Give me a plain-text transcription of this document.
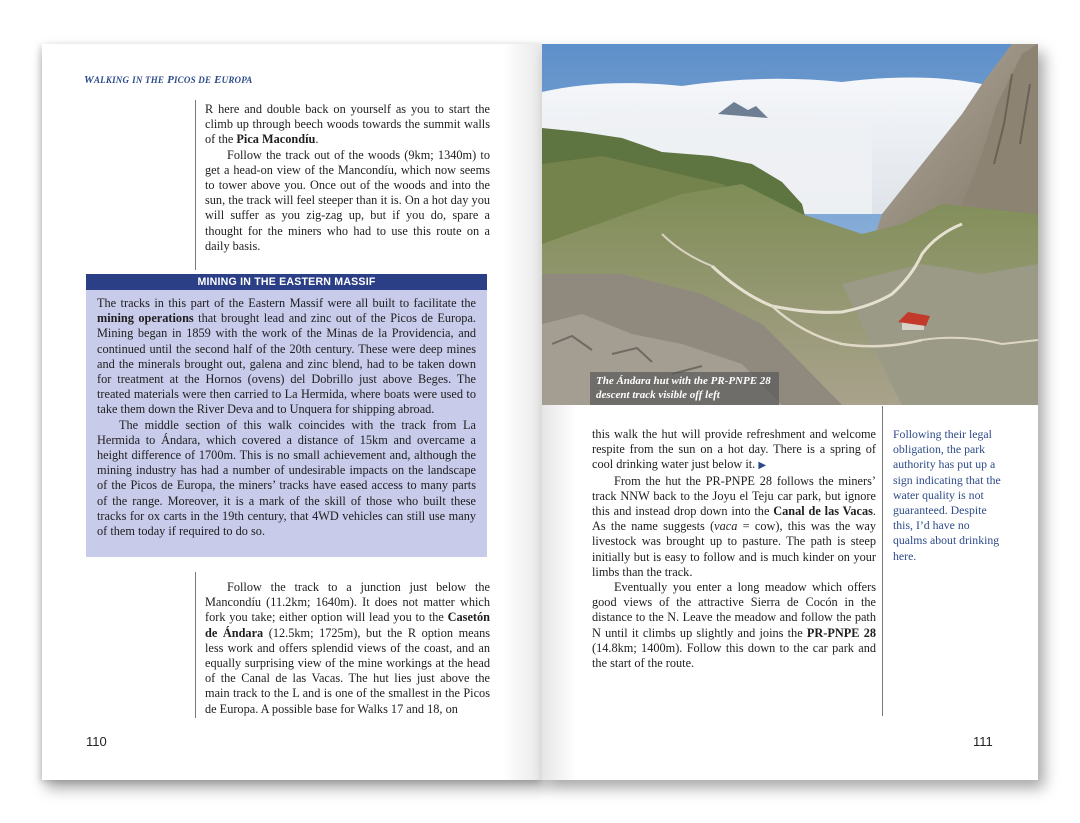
WALKING IN THE PICOS DE EUROPA

R here and double back on yourself as you to start the climb up through beech woods towards the summit walls of the Pica Macondíu.

Follow the track out of the woods (9km; 1340m) to get a head-on view of the Mancondíu, which now seems to tower above you. Once out of the woods and into the sun, the track will feel steeper than it is. On a hot day you will suffer as you zig-zag up, but if you do, spare a thought for the miners who had to use this route on a daily basis.

MINING IN THE EASTERN MASSIF

The tracks in this part of the Eastern Massif were all built to facilitate the mining operations that brought lead and zinc out of the Picos de Europa. Mining began in 1859 with the work of the Minas de la Providencia, and continued until the second half of the 20th century. These were deep mines and the minerals brought out, galena and zinc blend, had to be taken down for treatment at the Hornos (ovens) del Dobrillo just above Beges. The treated materials were then carried to La Hermida, where boats were used to take them down the River Deva and to Unquera for shipping abroad.

The middle section of this walk coincides with the track from La Hermida to Ándara, which covered a distance of 15km and overcame a height difference of 1700m. This is no small achievement and, although the mining industry has had a number of undesirable impacts on the landscape of the Picos de Europa, the miners’ tracks have eased access to many parts of the range. Moreover, it is a mark of the skill of those who built these tracks for ox carts in the 19th century, that 4WD vehicles can still use many of them today if required to do so.

Follow the track to a junction just below the Mancondíu (11.2km; 1640m). It does not matter which fork you take; either option will lead you to the Casetón de Ándara (12.5km; 1725m), but the R option means less work and offers splendid views of the coast, and an equally surprising view of the mine workings at the head of the Canal de las Vacas. The hut lies just above the main track to the L and is one of the smallest in the Picos de Europa. A possible base for Walks 17 and 18, on

110
The Ándara hut with the PR-PNPE 28
descent track visible off left

this walk the hut will provide refreshment and welcome respite from the sun on a hot day. There is a spring of cool drinking water just below it. ▶

From the hut the PR-PNPE 28 follows the miners’ track NNW back to the Joyu el Teju car park, but ignore this and instead drop down into the Canal de las Vacas. As the name suggests (vaca = cow), this was the way livestock was brought up to pasture. The path is steep initially but is easy to follow and is much kinder on your limbs than the track.

Eventually you enter a long meadow which offers good views of the attractive Sierra de Cocón in the distance to the N. Leave the meadow and follow the path N until it climbs up slightly and joins the PR-PNPE 28 (14.8km; 1400m). Follow this down to the car park and the start of the route.

Following their legal obligation, the park authority has put up a sign indicating that the water quality is not guaranteed. Despite this, I’d have no qualms about drinking here.
111
